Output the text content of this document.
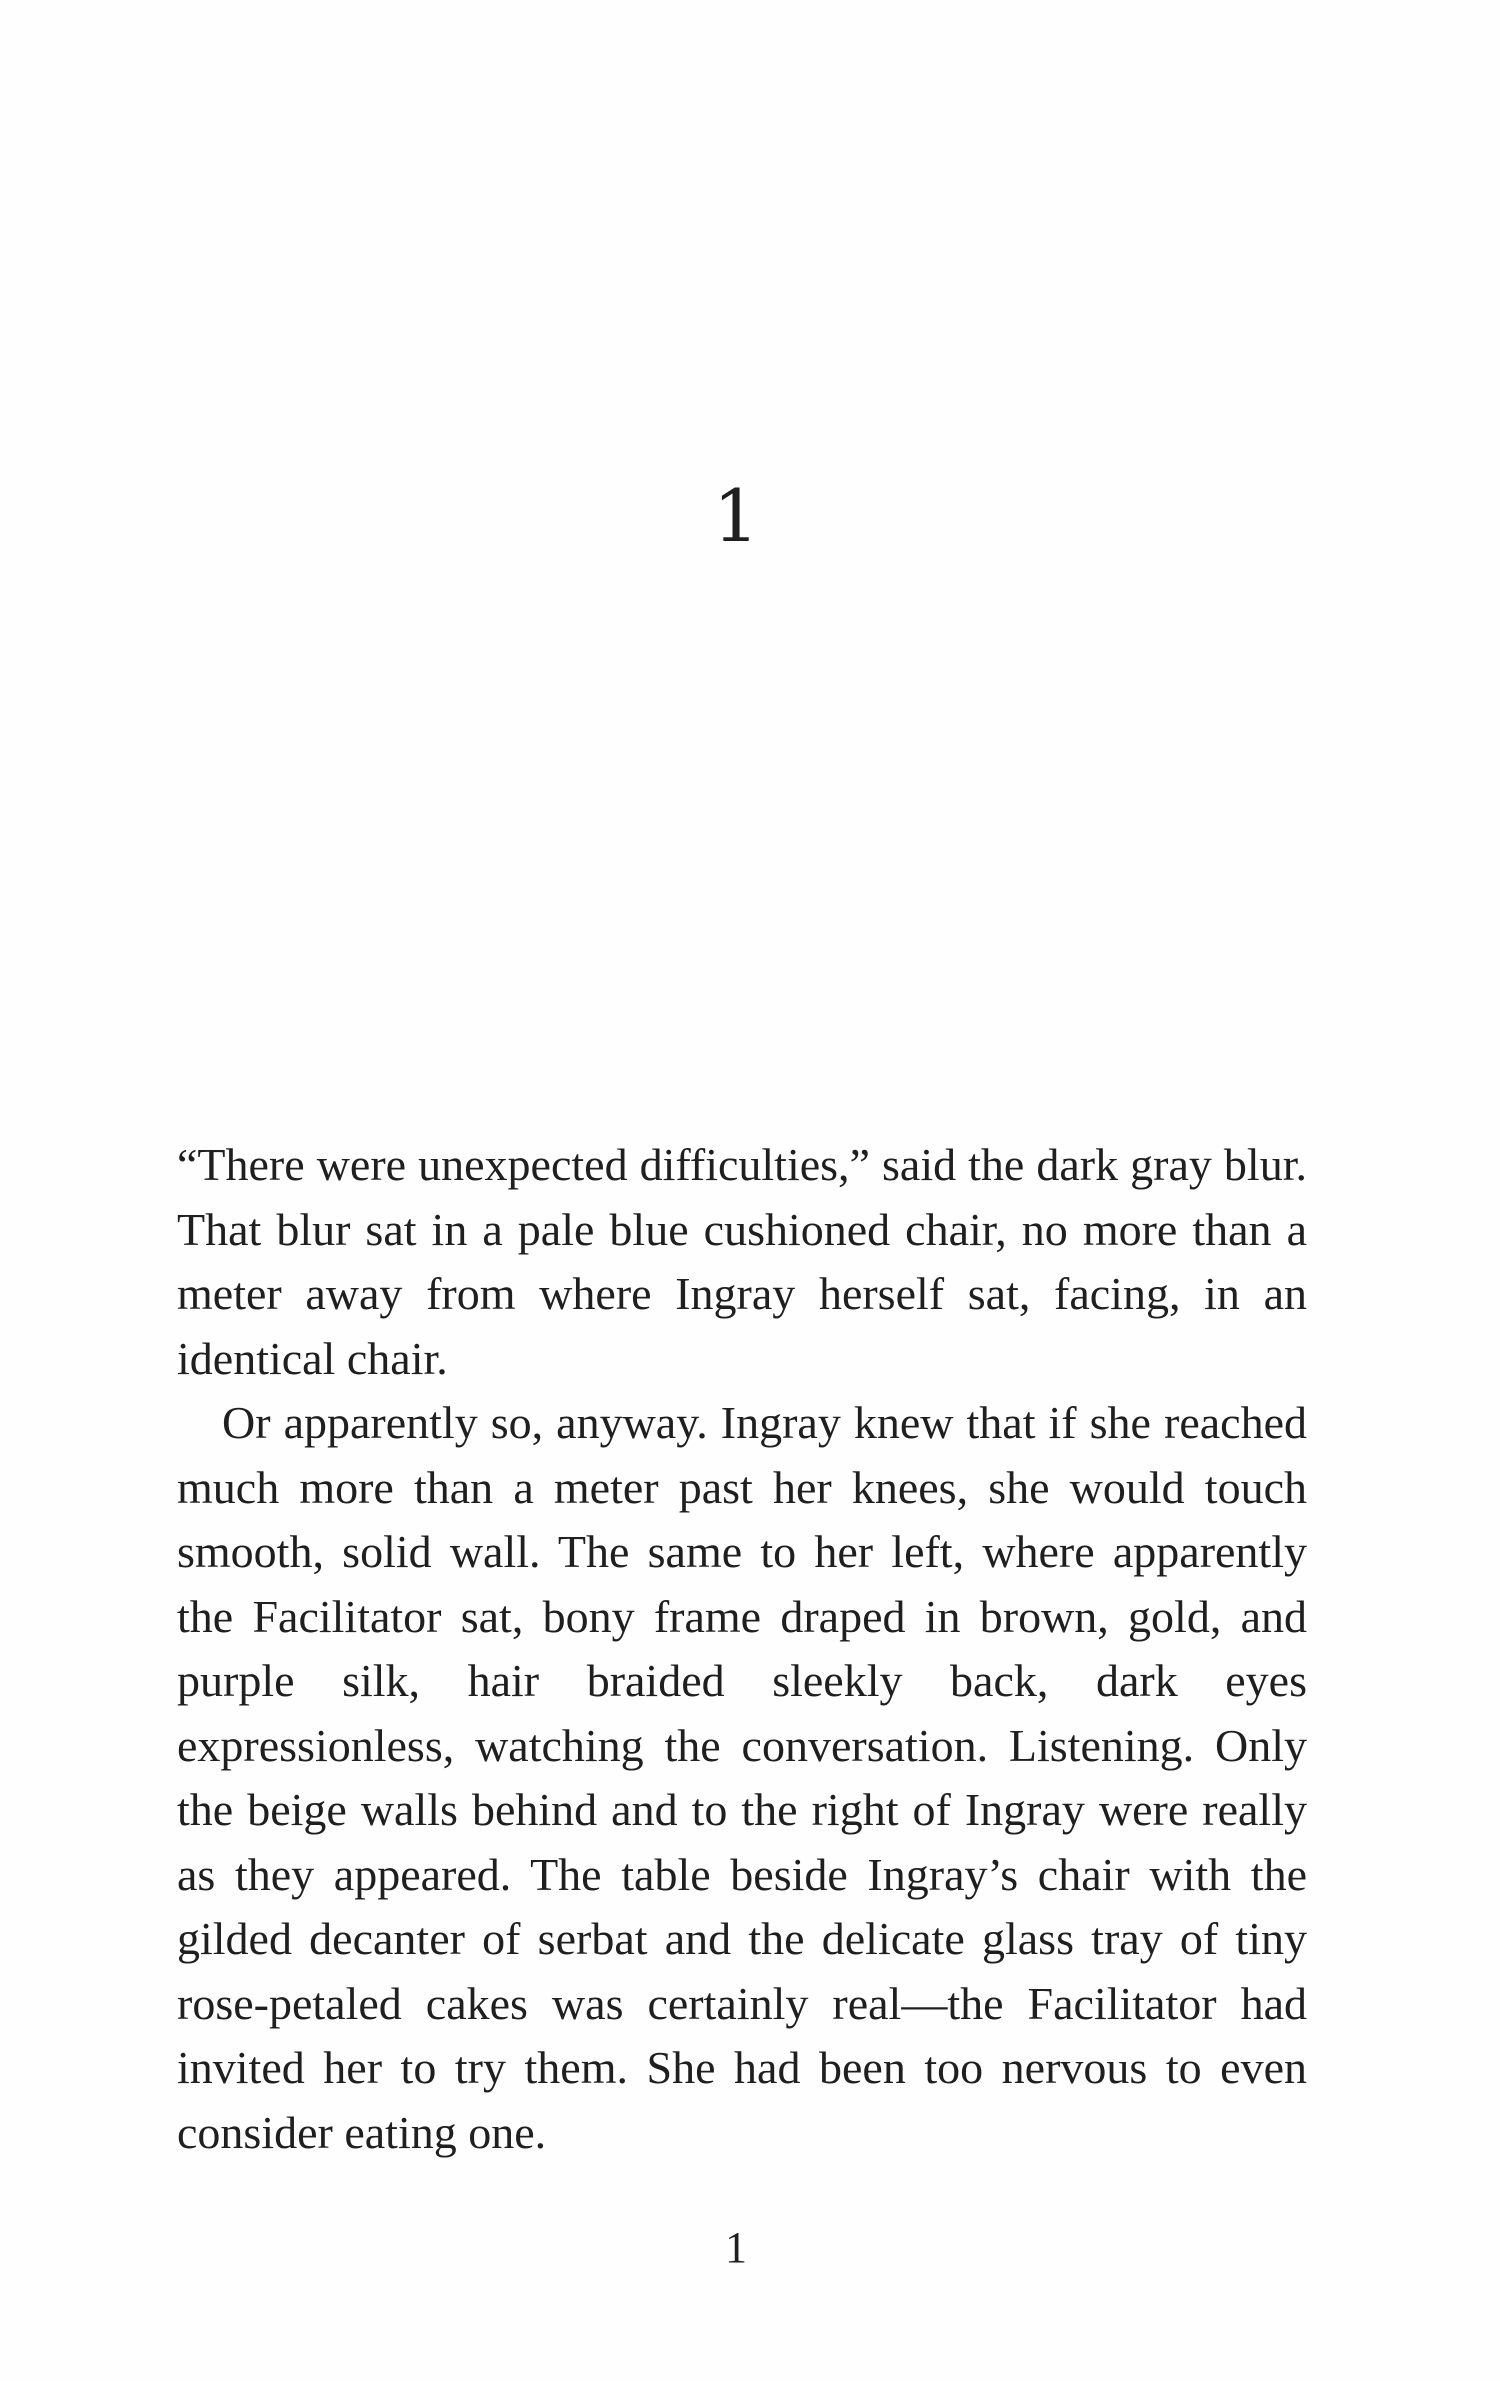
1

“There were unexpected difficulties,” said the dark gray blur. That blur sat in a pale blue cushioned chair, no more than a meter away from where Ingray herself sat, facing, in an identical chair.

Or apparently so, anyway. Ingray knew that if she reached much more than a meter past her knees, she would touch smooth, solid wall. The same to her left, where apparently the Facilitator sat, bony frame draped in brown, gold, and purple silk, hair braided sleekly back, dark eyes expressionless, watching the conversation. Listening. Only the beige walls behind and to the right of Ingray were really as they appeared. The table beside Ingray’s chair with the gilded decanter of serbat and the delicate glass tray of tiny rose-petaled cakes was certainly real—the Facilitator had invited her to try them. She had been too nervous to even consider eating one.

1
